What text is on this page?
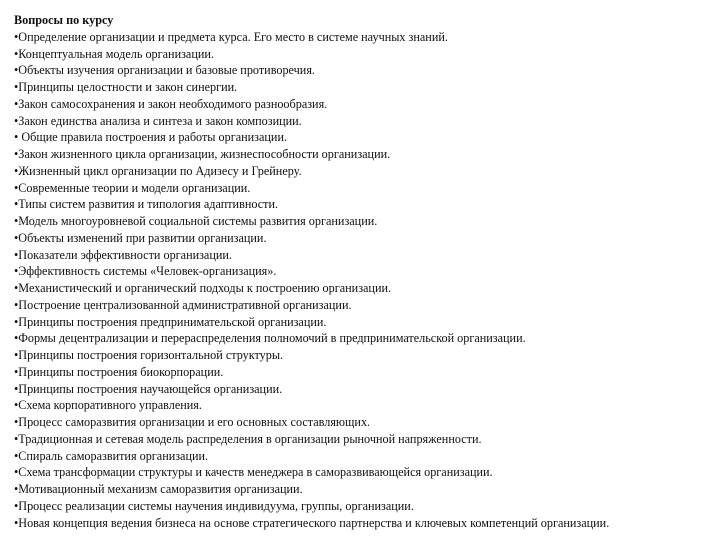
Вопросы по курсу
•Определение организации и предмета курса. Его место в системе научных знаний.
•Концептуальная модель организации.
•Объекты изучения организации и базовые противоречия.
•Принципы целостности и закон синергии.
•Закон самосохранения и закон необходимого разнообразия.
•Закон единства анализа и синтеза и закон композиции.
• Общие правила построения и работы организации.
•Закон жизненного цикла организации, жизнеспособности организации.
•Жизненный цикл организации по Адизесу и Грейнеру.
•Современные теории и модели организации.
•Типы систем развития и типология адаптивности.
•Модель многоуровневой социальной системы развития организации.
•Объекты изменений при развитии организации.
•Показатели эффективности организации.
•Эффективность системы «Человек-организация».
•Механистический и органический подходы к построению организации.
•Построение централизованной административной организации.
•Принципы построения предпринимательской организации.
•Формы децентрализации и перераспределения полномочий в предпринимательской организации.
•Принципы построения горизонтальной структуры.
•Принципы построения биокорпорации.
•Принципы построения научающейся организации.
•Схема корпоративного управления.
•Процесс саморазвития организации и его основных составляющих.
•Традиционная и сетевая модель распределения в организации рыночной напряженности.
•Спираль саморазвития организации.
•Схема трансформации структуры и качеств менеджера в саморазвивающейся организации.
•Мотивационный механизм саморазвития организации.
•Процесс реализации системы научения индивидуума, группы, организации.
•Новая концепция ведения бизнеса на основе стратегического партнерства и ключевых компетенций организации.
